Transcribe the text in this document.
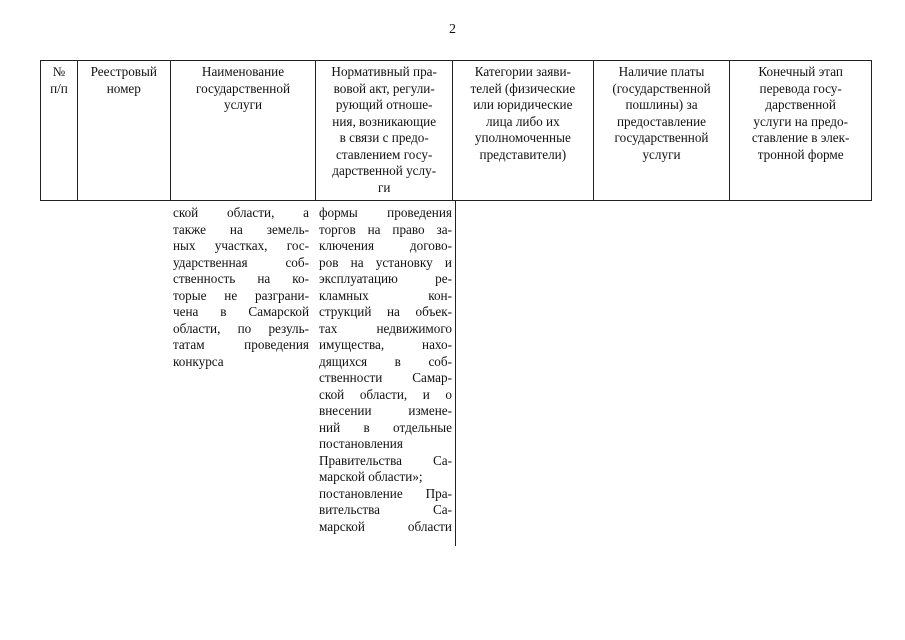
2
№
п/п
Реестровый
номер
Наименование
государственной
услуги
Нормативный пра-
вовой акт, регули-
рующий отноше-
ния, возникающие
в связи с предо-
ставлением госу-
дарственной услу-
ги
Категории заяви-
телей (физические
или юридические
лица либо их
уполномоченные
представители)
Наличие платы
(государственной
пошлины) за
предоставление
государственной
услуги
Конечный этап
перевода госу-
дарственной
услуги на предо-
ставление в элек-
тронной форме
ской области, а
также на земель-
ных участках, гос-
ударственная соб-
ственность на ко-
торые не разграни-
чена в Самарской
области, по резуль-
татам проведения
конкурса
формы проведения
торгов на право за-
ключения догово-
ров на установку и
эксплуатацию ре-
кламных кон-
струкций на объек-
тах недвижимого
имущества, нахо-
дящихся в соб-
ственности Самар-
ской области, и о
внесении измене-
ний в отдельные
постановления
Правительства Са-
марской области»;
постановление Пра-
вительства Са-
марской области
